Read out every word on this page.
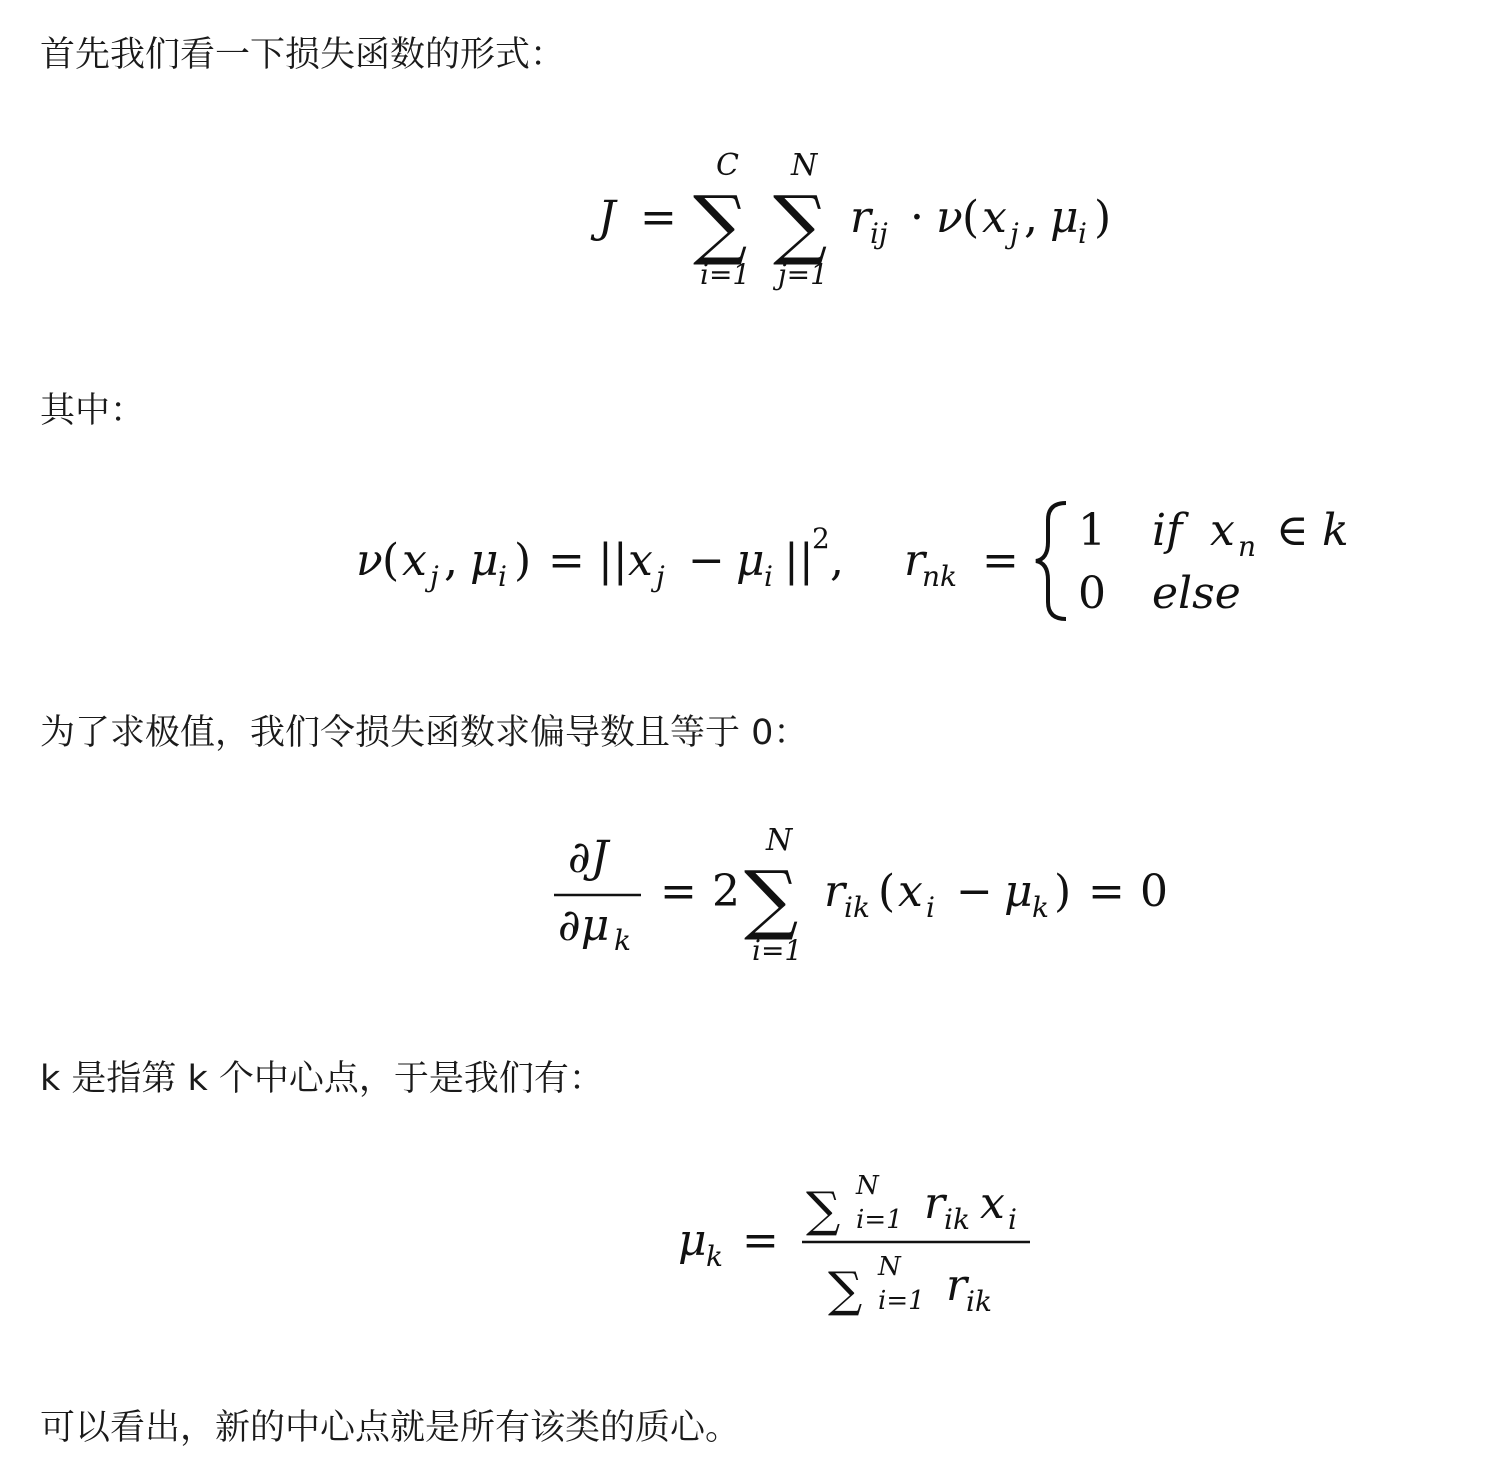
首先我们看一下损失函数的形式：
J =
C
∑
i=1
N
∑
j=1
r
ij · ν ( x j , μ i )
其中：
ν ( x j , μ i ) = || x j − μ i ||
2 , r
nk =
1 if x n ∈ k
0 else
为了求极值，我们令损失函数求偏导数且等于 0：
∂J
∂μ k
= 2
N
∑
i=1
r
ik ( x i − μ k ) = 0
k 是指第 k 个中心点，于是我们有：
μ k =
∑ N
i=1 r
ik x i
∑ N
i=1 r
ik
可以看出，新的中心点就是所有该类的质心。
